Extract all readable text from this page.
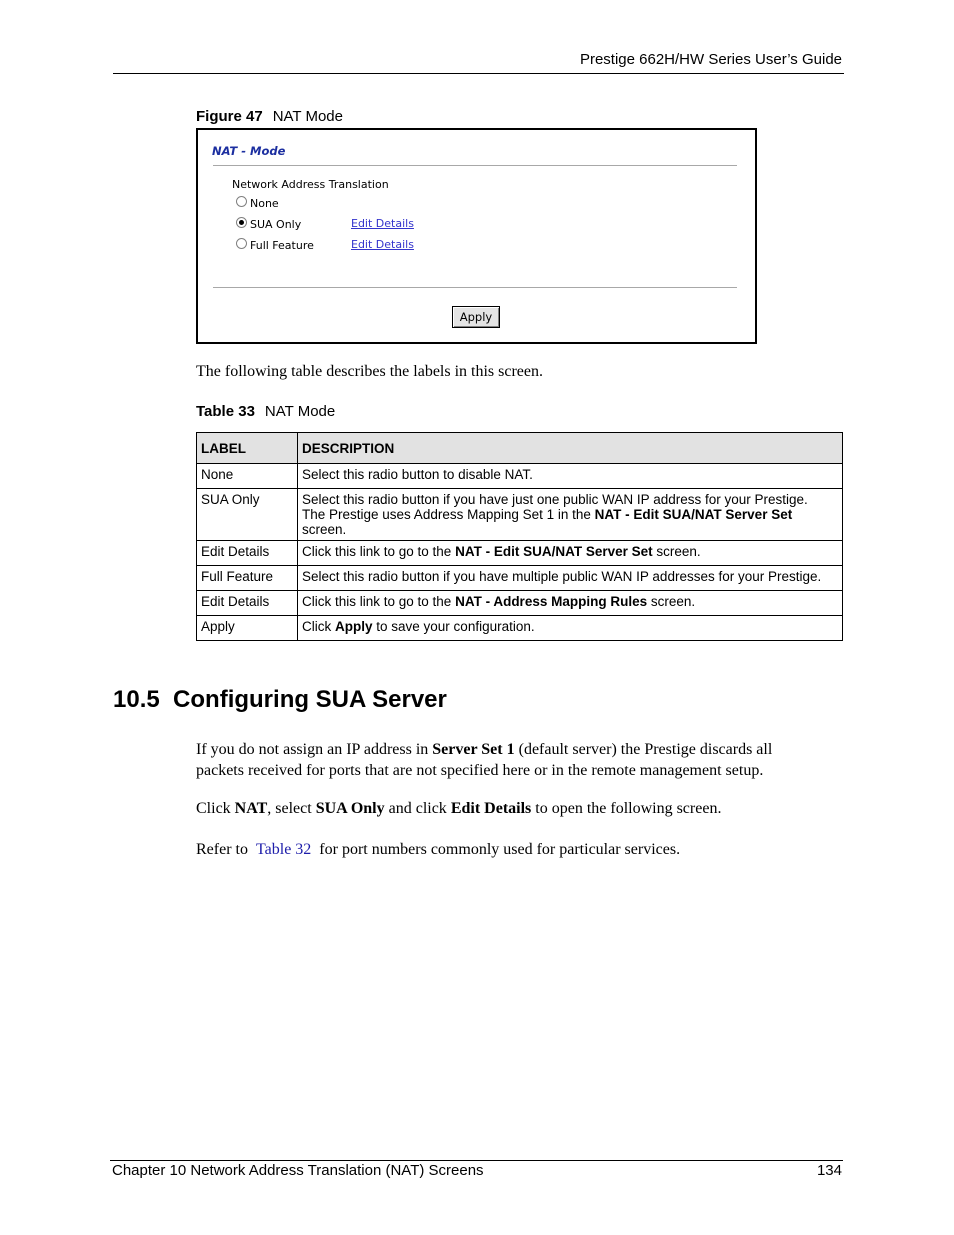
Prestige 662H/HW Series User’s Guide
Figure 47 NAT Mode
NAT - Mode
Network Address Translation
None
SUA Only	Edit Details
Full Feature	Edit Details
Apply
The following table describes the labels in this screen.
Table 33 NAT Mode
LABEL	DESCRIPTION
None	Select this radio button to disable NAT.
SUA Only	Select this radio button if you have just one public WAN IP address for your Prestige.
The Prestige uses Address Mapping Set 1 in the NAT - Edit SUA/NAT Server Set
screen.
Edit Details	Click this link to go to the NAT - Edit SUA/NAT Server Set screen.
Full Feature	Select this radio button if you have multiple public WAN IP addresses for your Prestige.
Edit Details	Click this link to go to the NAT - Address Mapping Rules screen.
Apply	Click Apply to save your configuration.
10.5  Configuring SUA Server
If you do not assign an IP address in Server Set 1 (default server) the Prestige discards all
packets received for ports that are not specified here or in the remote management setup.
Click NAT, select SUA Only and click Edit Details to open the following screen.
Refer to Table 32 for port numbers commonly used for particular services.
Chapter 10 Network Address Translation (NAT) Screens	134
